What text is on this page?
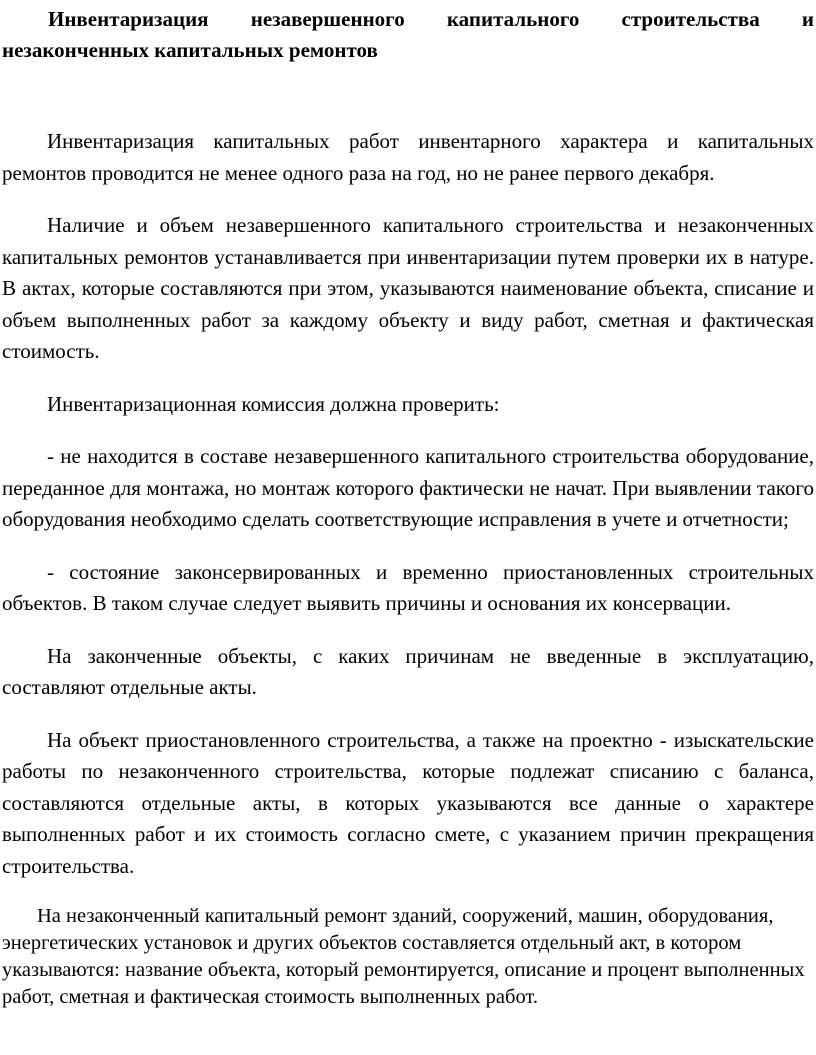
Инвентаризация незавершенного капитального строительства и незаконченных капитальных ремонтов

Инвентаризация капитальных работ инвентарного характера и капитальных ремонтов проводится не менее одного раза на год, но не ранее первого декабря.

Наличие и объем незавершенного капитального строительства и незаконченных капитальных ремонтов устанавливается при инвентаризации путем проверки их в натуре. В актах, которые составляются при этом, указываются наименование объекта, списание и объем выполненных работ за каждому объекту и виду работ, сметная и фактическая стоимость.

Инвентаризационная комиссия должна проверить:

- не находится в составе незавершенного капитального строительства оборудование, переданное для монтажа, но монтаж которого фактически не начат. При выявлении такого оборудования необходимо сделать соответствующие исправления в учете и отчетности;

- состояние законсервированных и временно приостановленных строительных объектов. В таком случае следует выявить причины и основания их консервации.

На законченные объекты, с каких причинам не введенные в эксплуатацию, составляют отдельные акты.

На объект приостановленного строительства, а также на проектно - изыскательские работы по незаконченного строительства, которые подлежат списанию с баланса, составляются отдельные акты, в которых указываются все данные о характере выполненных работ и их стоимость согласно смете, с указанием причин прекращения строительства.

На незаконченный капитальный ремонт зданий, сооружений, машин, оборудования, энергетических установок и других объектов составляется отдельный акт, в котором указываются: название объекта, который ремонтируется, описание и процент выполненных работ, сметная и фактическая стоимость выполненных работ.
